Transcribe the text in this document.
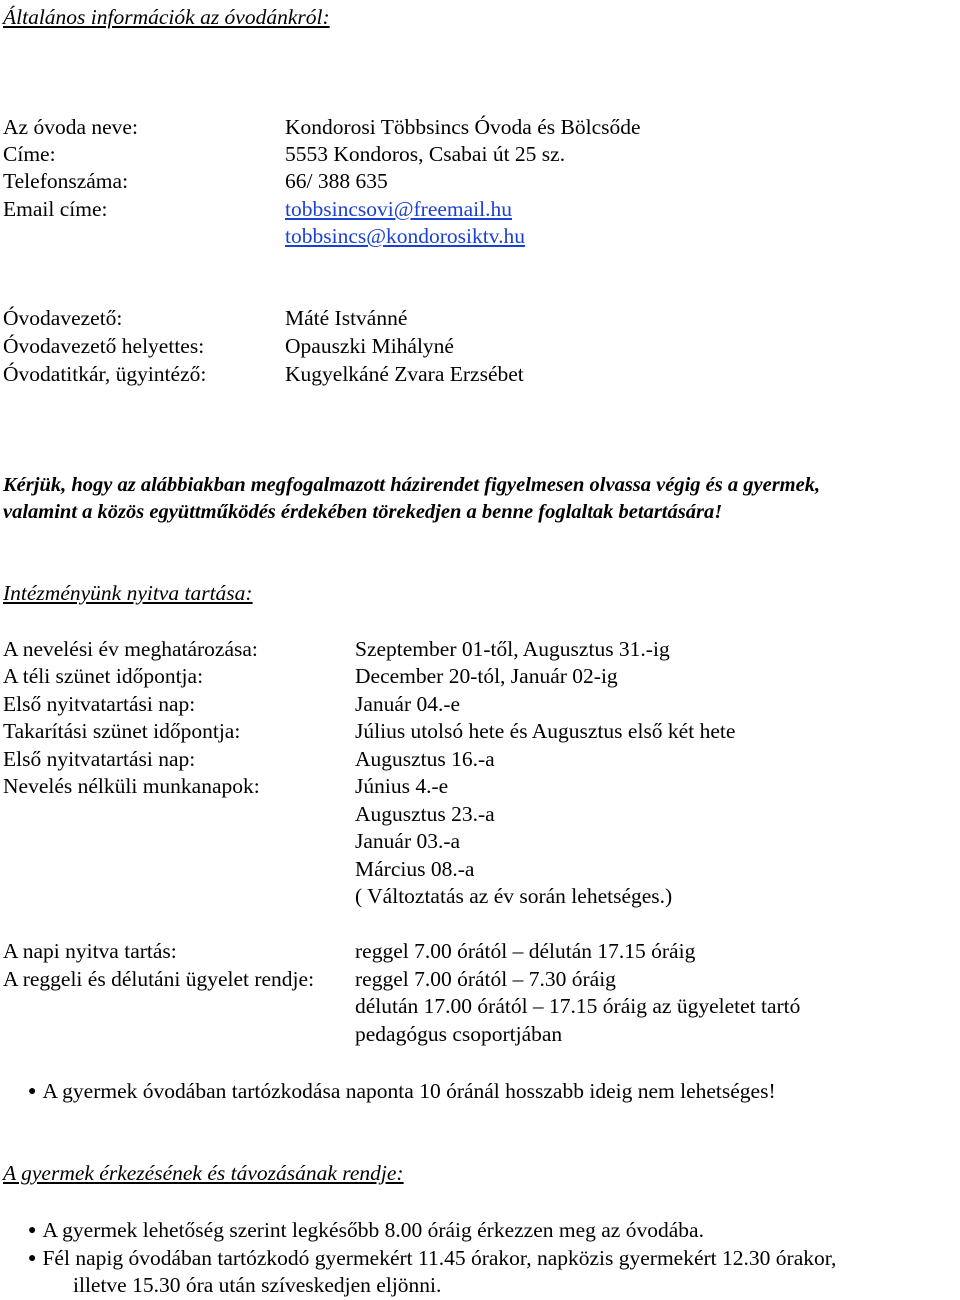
Általános információk az óvodánkról:
Az óvoda neve:	Kondorosi Többsincs Óvoda és Bölcsőde
Címe:	5553 Kondoros, Csabai út 25 sz.
Telefonszáma:	66/ 388 635
Email címe:	tobbsincsovi@freemail.hu
tobbsincs@kondorosiktv.hu
Óvodavezető:	Máté Istvánné
Óvodavezető helyettes:	Opauszki Mihályné
Óvodatitkár, ügyintéző:	Kugyelkáné Zvara Erzsébet
Kérjük, hogy az alábbiakban megfogalmazott házirendet figyelmesen olvassa végig és a gyermek,
valamint a közös együttműködés érdekében törekedjen a benne foglaltak betartására!
Intézményünk nyitva tartása:
A nevelési év meghatározása:	Szeptember 01-től, Augusztus 31.-ig
A téli szünet időpontja:	December 20-tól, Január 02-ig
Első nyitvatartási nap:	Január 04.-e
Takarítási szünet időpontja:	Július utolsó hete és Augusztus első két hete
Első nyitvatartási nap:	Augusztus 16.-a
Nevelés nélküli munkanapok:	Június 4.-e
Augusztus 23.-a
Január 03.-a
Március 08.-a
( Változtatás az év során lehetséges.)
A napi nyitva tartás:	reggel 7.00 órától – délután 17.15 óráig
A reggeli és délutáni ügyelet rendje: reggel 7.00 órától – 7.30 óráig
délután 17.00 órától – 17.15 óráig az ügyeletet tartó
pedagógus csoportjában
● A gyermek óvodában tartózkodása naponta 10 óránál hosszabb ideig nem lehetséges!
A gyermek érkezésének és távozásának rendje:
● A gyermek lehetőség szerint legkésőbb 8.00 óráig érkezzen meg az óvodába.
● Fél napig óvodában tartózkodó gyermekért 11.45 órakor, napközis gyermekért 12.30 órakor,
illetve 15.30 óra után szíveskedjen eljönni.
